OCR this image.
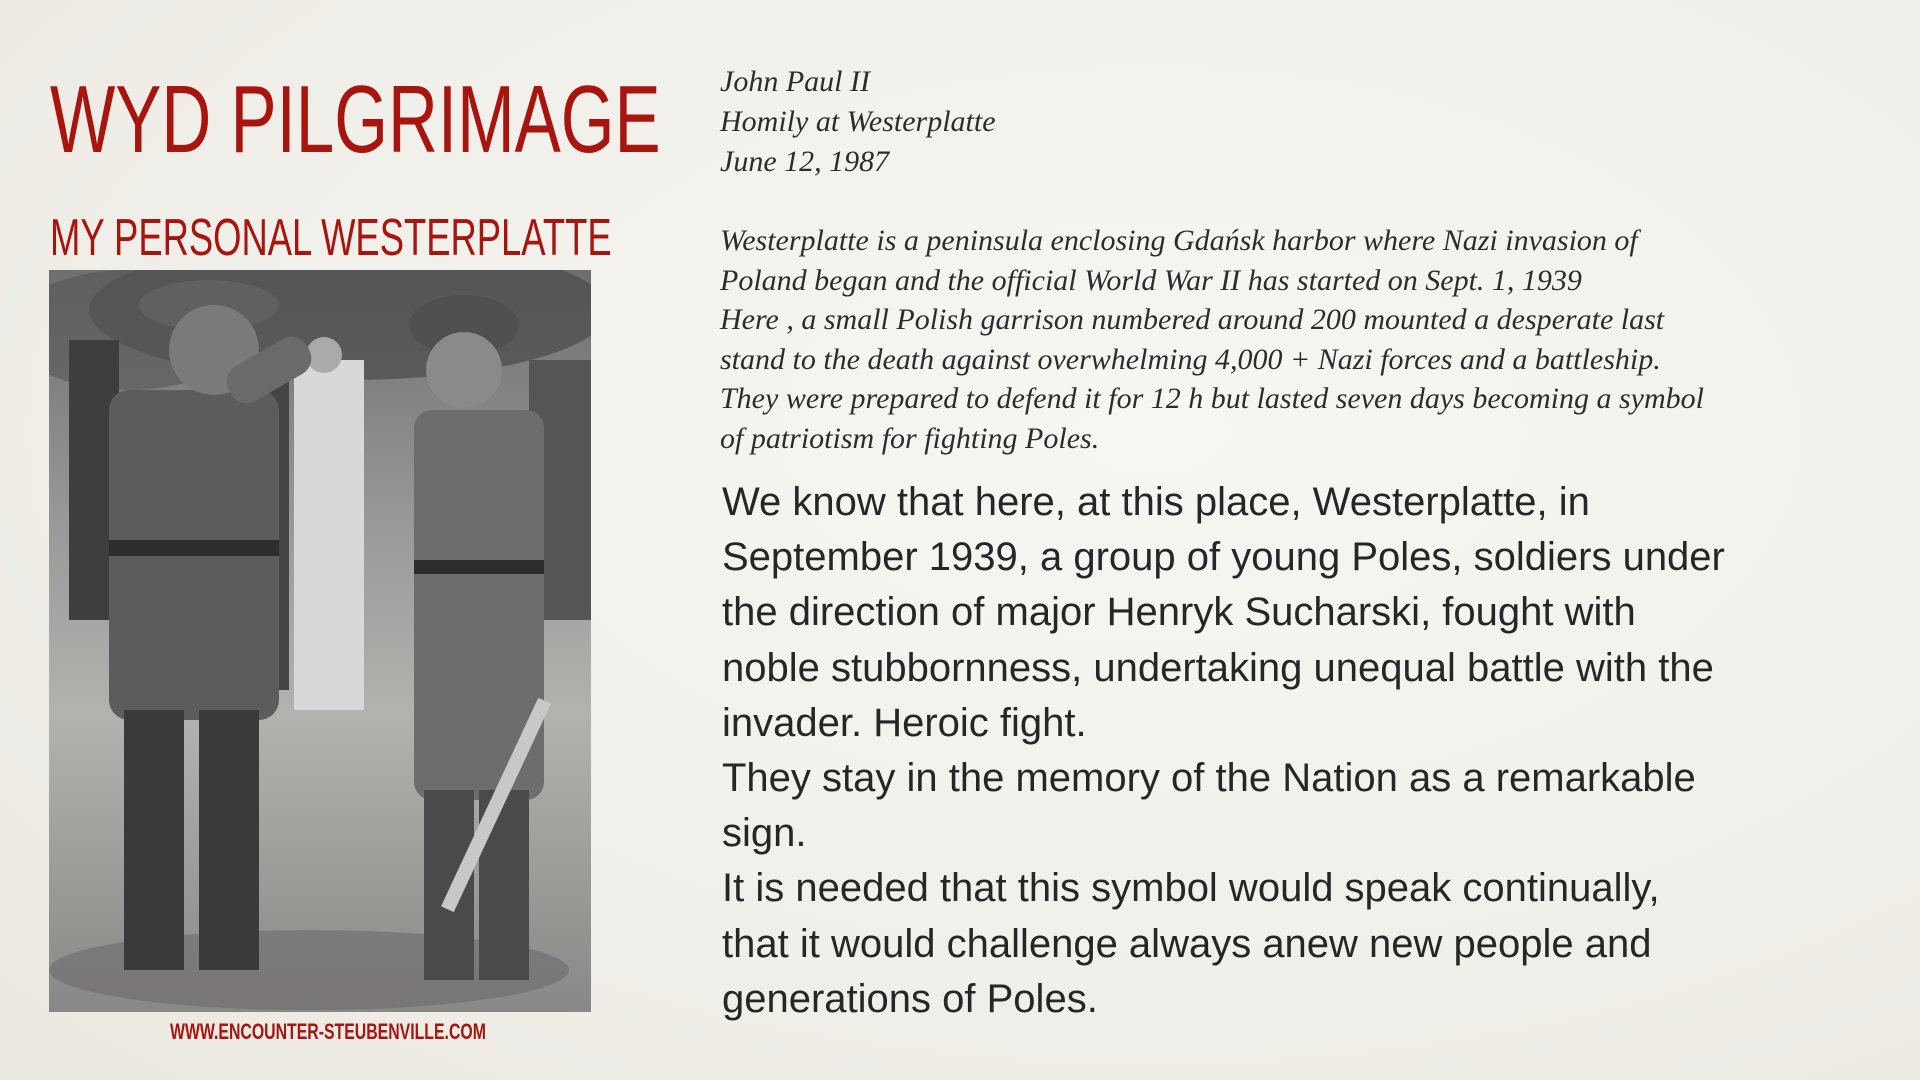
WYD PILGRIMAGE
MY PERSONAL WESTERPLATTE
WWW.ENCOUNTER-STEUBENVILLE.COM
John Paul II
Homily at Westerplatte
June 12, 1987
Westerplatte is a peninsula enclosing Gdańsk harbor where Nazi invasion of
Poland began and the official World War II has started on Sept. 1, 1939
Here , a small Polish garrison numbered around 200 mounted a desperate last
stand to the death against overwhelming 4,000 + Nazi forces and a battleship.
They were prepared to defend it for 12 h but lasted seven days becoming a symbol
of patriotism for fighting Poles.
We know that here, at this place, Westerplatte, in
September 1939, a group of young Poles, soldiers under
the direction of major Henryk Sucharski, fought with
noble stubbornness, undertaking unequal battle with the
invader. Heroic fight.
They stay in the memory of the Nation as a remarkable
sign.
It is needed that this symbol would speak continually,
that it would challenge always anew new people and
generations of Poles.
